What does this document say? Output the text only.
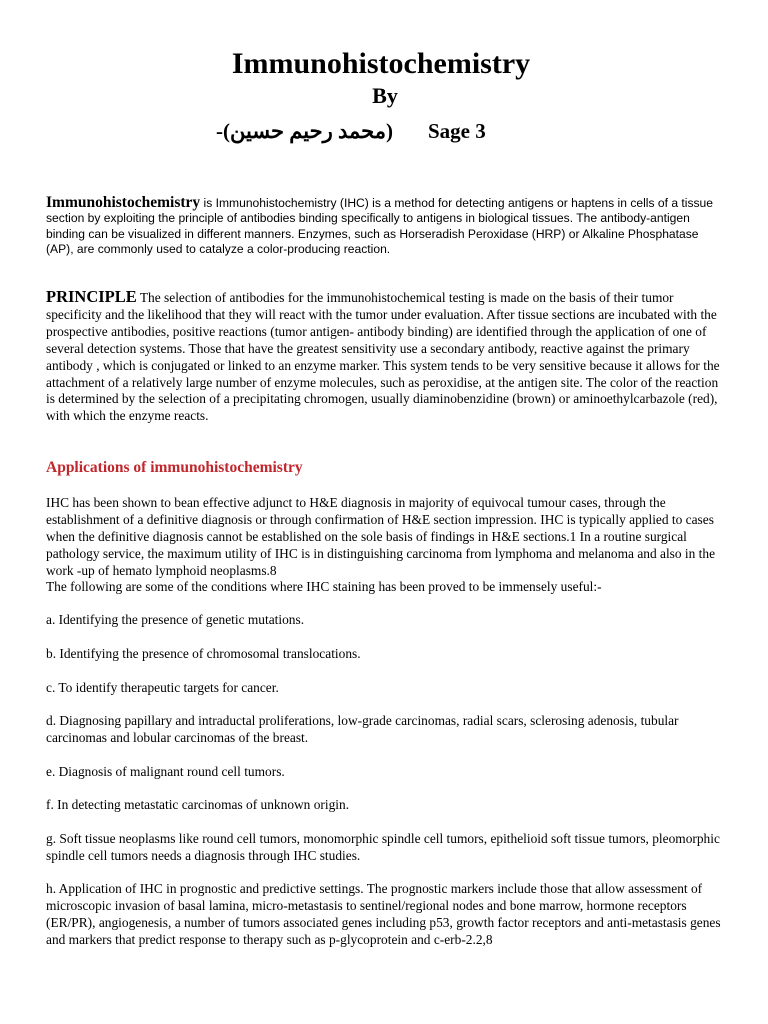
Immunohistochemistry
By
-(محمد رحيم حسين) Sage 3

Immunohistochemistry is Immunohistochemistry (IHC) is a method for detecting antigens or haptens in cells of a tissue section by exploiting the principle of antibodies binding specifically to antigens in biological tissues. The antibody-antigen binding can be visualized in different manners. Enzymes, such as Horseradish Peroxidase (HRP) or Alkaline Phosphatase (AP), are commonly used to catalyze a color-producing reaction.

PRINCIPLE The selection of antibodies for the immunohistochemical testing is made on the basis of their tumor specificity and the likelihood that they will react with the tumor under evaluation. After tissue sections are incubated with the prospective antibodies, positive reactions (tumor antigen- antibody binding) are identified through the application of one of several detection systems. Those that have the greatest sensitivity use a secondary antibody, reactive against the primary antibody , which is conjugated or linked to an enzyme marker. This system tends to be very sensitive because it allows for the attachment of a relatively large number of enzyme molecules, such as peroxidise, at the antigen site. The color of the reaction is determined by the selection of a precipitating chromogen, usually diaminobenzidine (brown) or aminoethylcarbazole (red), with which the enzyme reacts.

Applications of immunohistochemistry

IHC has been shown to bean effective adjunct to H&E diagnosis in majority of equivocal tumour cases, through the establishment of a definitive diagnosis or through confirmation of H&E section impression. IHC is typically applied to cases when the definitive diagnosis cannot be established on the sole basis of findings in H&E sections.1 In a routine surgical pathology service, the maximum utility of IHC is in distinguishing carcinoma from lymphoma and melanoma and also in the work -up of hemato lymphoid neoplasms.8

The following are some of the conditions where IHC staining has been proved to be immensely useful:-

a. Identifying the presence of genetic mutations.

b. Identifying the presence of chromosomal translocations.

c. To identify therapeutic targets for cancer.

d. Diagnosing papillary and intraductal proliferations, low-grade carcinomas, radial scars, sclerosing adenosis, tubular carcinomas and lobular carcinomas of the breast.

e. Diagnosis of malignant round cell tumors.

f. In detecting metastatic carcinomas of unknown origin.

g. Soft tissue neoplasms like round cell tumors, monomorphic spindle cell tumors, epithelioid soft tissue tumors, pleomorphic spindle cell tumors needs a diagnosis through IHC studies.

h. Application of IHC in prognostic and predictive settings. The prognostic markers include those that allow assessment of microscopic invasion of basal lamina, micro-metastasis to sentinel/regional nodes and bone marrow, hormone receptors (ER/PR), angiogenesis, a number of tumors associated genes including p53, growth factor receptors and anti-metastasis genes and markers that predict response to therapy such as p-glycoprotein and c-erb-2.2,8
